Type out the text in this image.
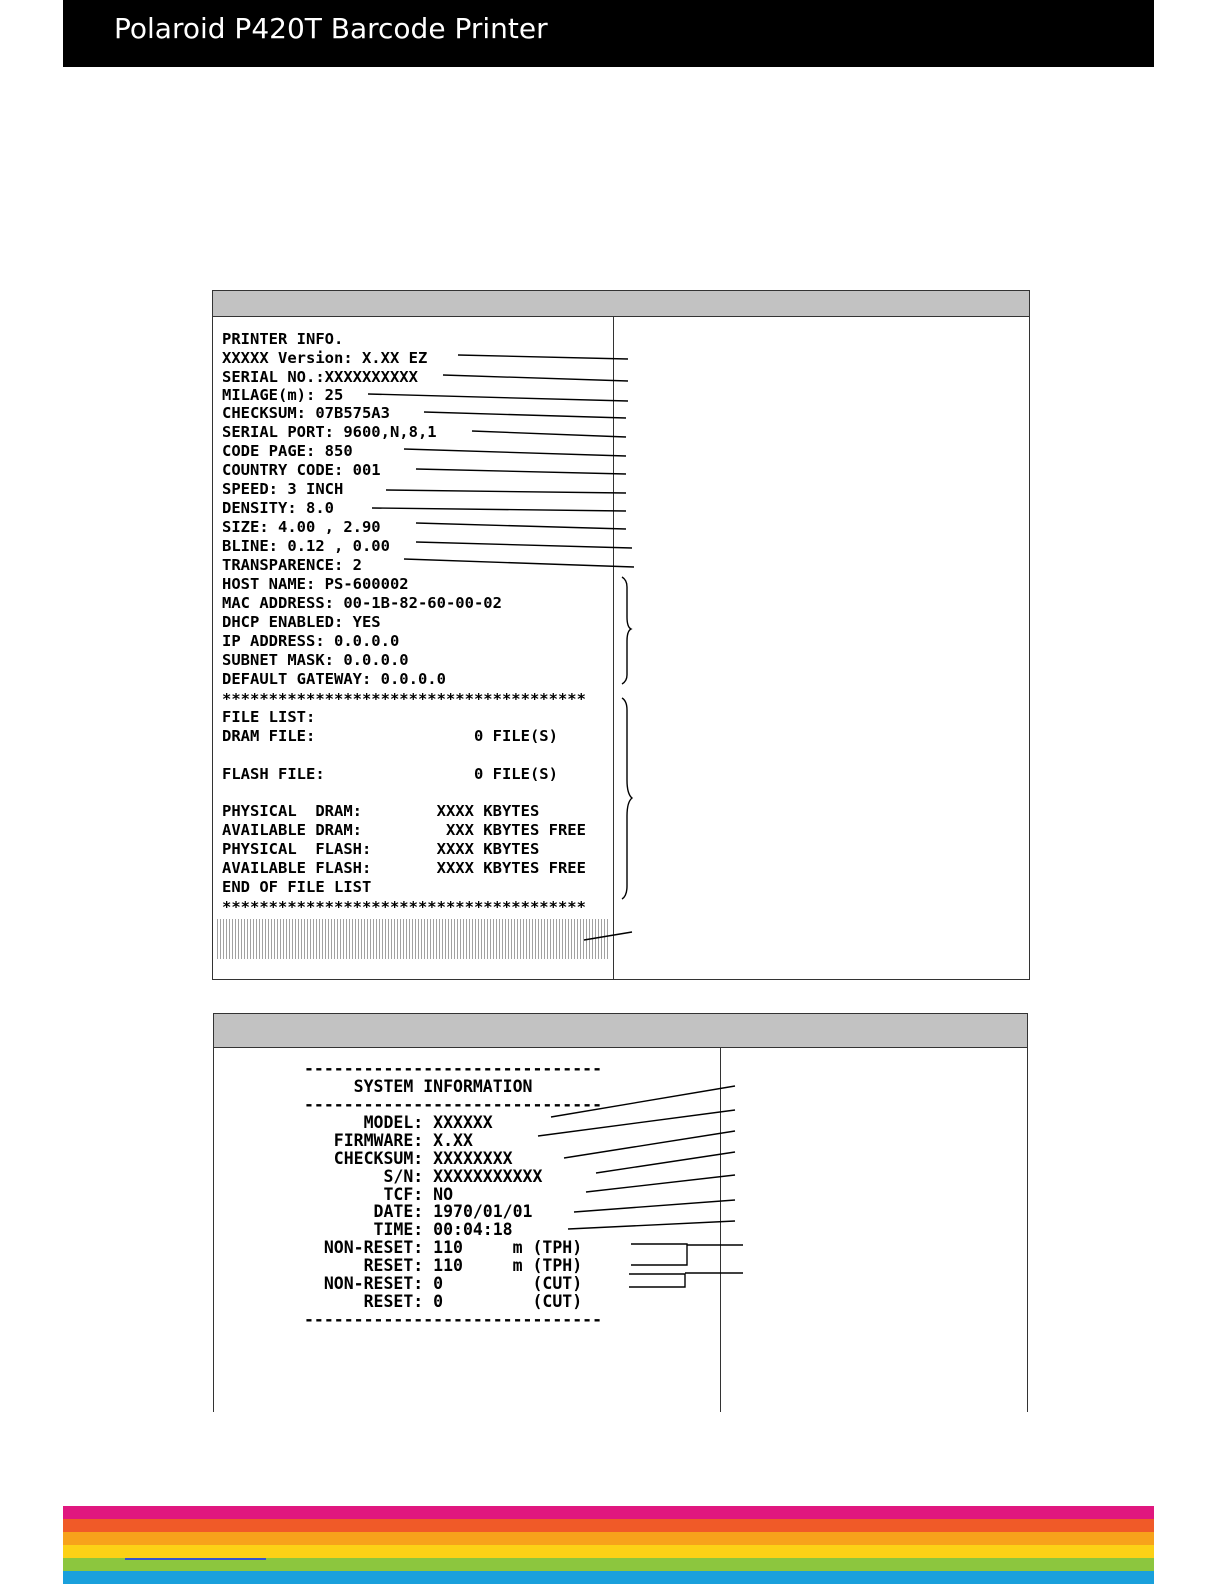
Polaroid P420T Barcode Printer
PRINTER INFO.
XXXXX Version: X.XX EZ
SERIAL NO.:XXXXXXXXXX
MILAGE(m): 25
CHECKSUM: 07B575A3
SERIAL PORT: 9600,N,8,1
CODE PAGE: 850
COUNTRY CODE: 001
SPEED: 3 INCH
DENSITY: 8.0
SIZE: 4.00 , 2.90
BLINE: 0.12 , 0.00
TRANSPARENCE: 2
HOST NAME: PS-600002
MAC ADDRESS: 00-1B-82-60-00-02
DHCP ENABLED: YES
IP ADDRESS: 0.0.0.0
SUBNET MASK: 0.0.0.0
DEFAULT GATEWAY: 0.0.0.0
***************************************
FILE LIST:
DRAM FILE:                 0 FILE(S)
FLASH FILE:                0 FILE(S)
PHYSICAL  DRAM:        XXXX KBYTES
AVAILABLE DRAM:         XXX KBYTES FREE
PHYSICAL  FLASH:       XXXX KBYTES
AVAILABLE FLASH:       XXXX KBYTES FREE
END OF FILE LIST
***************************************
------------------------------
SYSTEM INFORMATION
------------------------------
MODEL: XXXXXX
FIRMWARE: X.XX
CHECKSUM: XXXXXXXX
S/N: XXXXXXXXXXX
TCF: NO
DATE: 1970/01/01
TIME: 00:04:18
NON-RESET: 110     m (TPH)
RESET: 110     m (TPH)
NON-RESET: 0         (CUT)
RESET: 0         (CUT)
------------------------------
